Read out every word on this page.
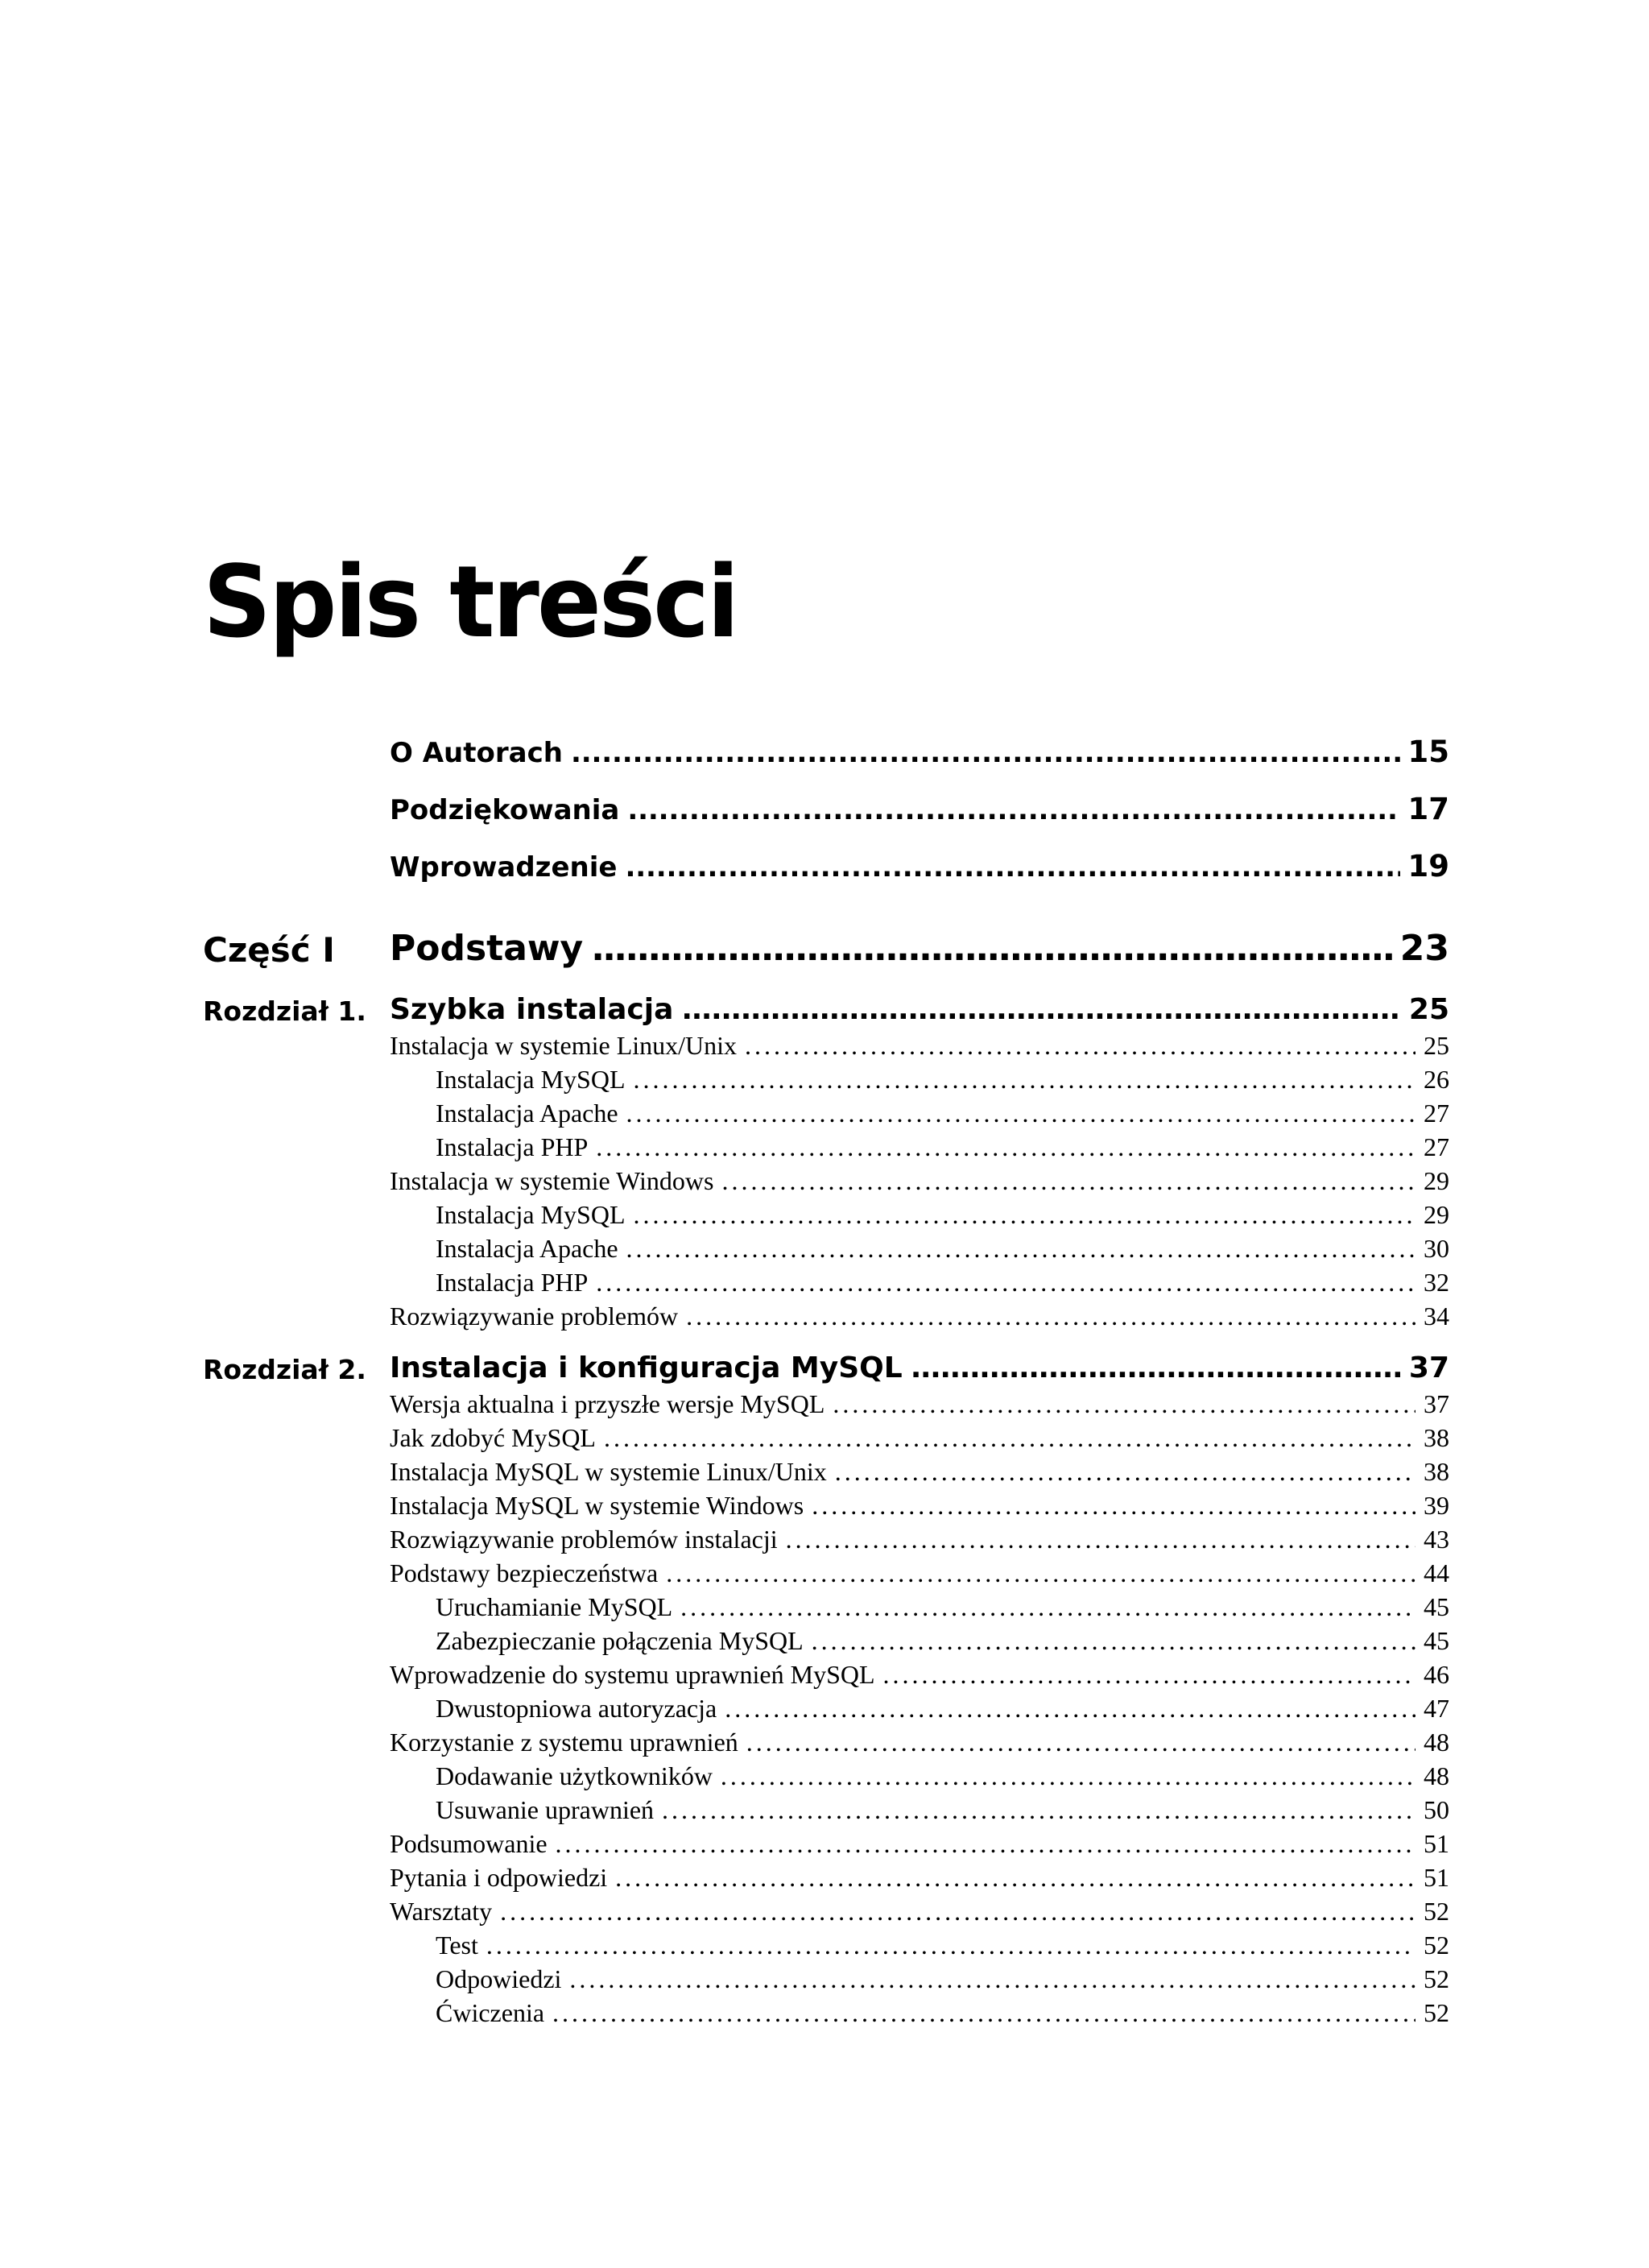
Spis treści
O Autorach . . .	15
Podziękowania . . .	17
Wprowadzenie . . .	19
Część I Podstawy . . .	23
Rozdział 1. Szybka instalacja . . .	25
Instalacja w systemie Linux/Unix . . .	25
Instalacja MySQL . . .	26
Instalacja Apache . . .	27
Instalacja PHP . . .	27
Instalacja w systemie Windows . . .	29
Instalacja MySQL . . .	29
Instalacja Apache . . .	30
Instalacja PHP . . .	32
Rozwiązywanie problemów . . .	34
Rozdział 2. Instalacja i konfiguracja MySQL . . .	37
Wersja aktualna i przyszłe wersje MySQL . . .	37
Jak zdobyć MySQL . . .	38
Instalacja MySQL w systemie Linux/Unix . . .	38
Instalacja MySQL w systemie Windows . . .	39
Rozwiązywanie problemów instalacji . . .	43
Podstawy bezpieczeństwa . . .	44
Uruchamianie MySQL . . .	45
Zabezpieczanie połączenia MySQL . . .	45
Wprowadzenie do systemu uprawnień MySQL . . .	46
Dwustopniowa autoryzacja . . .	47
Korzystanie z systemu uprawnień . . .	48
Dodawanie użytkowników . . .	48
Usuwanie uprawnień . . .	50
Podsumowanie . . .	51
Pytania i odpowiedzi . . .	51
Warsztaty . . .	52
Test . . .	52
Odpowiedzi . . .	52
Ćwiczenia . . .	52
